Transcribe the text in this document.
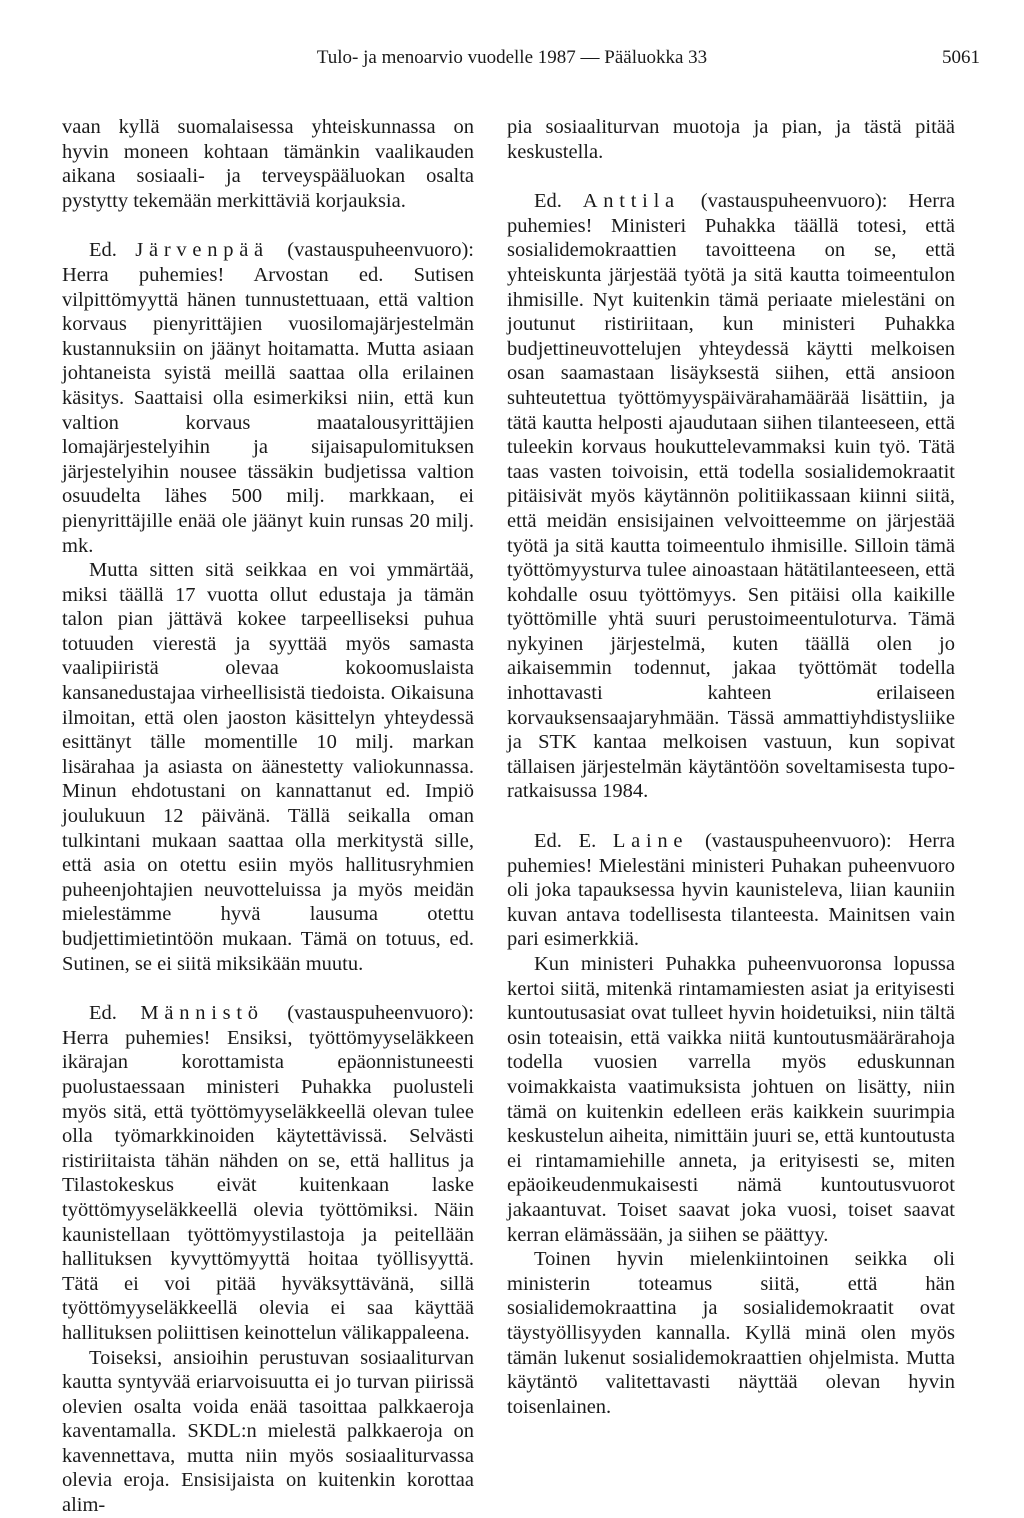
Tulo- ja menoarvio vuodelle 1987 — Pääluokka 33	5061

vaan kyllä suomalaisessa yhteiskunnassa on hyvin moneen kohtaan tämänkin vaalikauden aikana sosiaali- ja terveyspääluokan osalta pystytty tekemään merkittäviä korjauksia.

Ed. Järvenpää (vastauspuheenvuoro): Herra puhemies! Arvostan ed. Sutisen vilpittömyyttä hänen tunnustettuaan, että valtion korvaus pienyrittäjien vuosilomajärjestelmän kustannuksiin on jäänyt hoitamatta. Mutta asiaan johtaneista syistä meillä saattaa olla erilainen käsitys. Saattaisi olla esimerkiksi niin, että kun valtion korvaus maatalousyrittäjien lomajärjestelyihin ja sijaisapulomituksen järjestelyihin nousee tässäkin budjetissa valtion osuudelta lähes 500 milj. markkaan, ei pienyrittäjille enää ole jäänyt kuin runsas 20 milj. mk.

Mutta sitten sitä seikkaa en voi ymmärtää, miksi täällä 17 vuotta ollut edustaja ja tämän talon pian jättävä kokee tarpeelliseksi puhua totuuden vierestä ja syyttää myös samasta vaalipiiristä olevaa kokoomuslaista kansanedustajaa virheellisistä tiedoista. Oikaisuna ilmoitan, että olen jaoston käsittelyn yhteydessä esittänyt tälle momentille 10 milj. markan lisärahaa ja asiasta on äänestetty valiokunnassa. Minun ehdotustani on kannattanut ed. Impiö joulukuun 12 päivänä. Tällä seikalla oman tulkintani mukaan saattaa olla merkitystä sille, että asia on otettu esiin myös hallitusryhmien puheenjohtajien neuvotteluissa ja myös meidän mielestämme hyvä lausuma otettu budjettimietintöön mukaan. Tämä on totuus, ed. Sutinen, se ei siitä miksikään muutu.

Ed. Männistö (vastauspuheenvuoro): Herra puhemies! Ensiksi, työttömyyseläkkeen ikärajan korottamista epäonnistuneesti puolustaessaan ministeri Puhakka puolusteli myös sitä, että työttömyyseläkkeellä olevan tulee olla työmarkkinoiden käytettävissä. Selvästi ristiriitaista tähän nähden on se, että hallitus ja Tilastokeskus eivät kuitenkaan laske työttömyyseläkkeellä olevia työttömiksi. Näin kaunistellaan työttömyystilastoja ja peitellään hallituksen kyvyttömyyttä hoitaa työllisyyttä. Tätä ei voi pitää hyväksyttävänä, sillä työttömyyseläkkeellä olevia ei saa käyttää hallituksen poliittisen keinottelun välikappaleena.

Toiseksi, ansioihin perustuvan sosiaaliturvan kautta syntyvää eriarvoisuutta ei jo turvan piirissä olevien osalta voida enää tasoittaa palkkaeroja kaventamalla. SKDL:n mielestä palkkaeroja on kavennettava, mutta niin myös sosiaaliturvassa olevia eroja. Ensisijaista on kuitenkin korottaa alim-

pia sosiaaliturvan muotoja ja pian, ja tästä pitää keskustella.

Ed. Anttila (vastauspuheenvuoro): Herra puhemies! Ministeri Puhakka täällä totesi, että sosialidemokraattien tavoitteena on se, että yhteiskunta järjestää työtä ja sitä kautta toimeentulon ihmisille. Nyt kuitenkin tämä periaate mielestäni on joutunut ristiriitaan, kun ministeri Puhakka budjettineuvottelujen yhteydessä käytti melkoisen osan saamastaan lisäyksestä siihen, että ansioon suhteutettua työttömyyspäivärahamäärää lisättiin, ja tätä kautta helposti ajaudutaan siihen tilanteeseen, että tuleekin korvaus houkuttelevammaksi kuin työ. Tätä taas vasten toivoisin, että todella sosialidemokraatit pitäisivät myös käytännön politiikassaan kiinni siitä, että meidän ensisijainen velvoitteemme on järjestää työtä ja sitä kautta toimeentulo ihmisille. Silloin tämä työttömyysturva tulee ainoastaan hätätilanteeseen, että kohdalle osuu työttömyys. Sen pitäisi olla kaikille työttömille yhtä suuri perustoimeentuloturva. Tämä nykyinen järjestelmä, kuten täällä olen jo aikaisemmin todennut, jakaa työttömät todella inhottavasti kahteen erilaiseen korvauksensaajaryhmään. Tässä ammattiyhdistysliike ja STK kantaa melkoisen vastuun, kun sopivat tällaisen järjestelmän käytäntöön soveltamisesta tupo-ratkaisussa 1984.

Ed. E. Laine (vastauspuheenvuoro): Herra puhemies! Mielestäni ministeri Puhakan puheenvuoro oli joka tapauksessa hyvin kaunisteleva, liian kauniin kuvan antava todellisesta tilanteesta. Mainitsen vain pari esimerkkiä.

Kun ministeri Puhakka puheenvuoronsa lopussa kertoi siitä, mitenkä rintamamiesten asiat ja erityisesti kuntoutusasiat ovat tulleet hyvin hoidetuiksi, niin tältä osin toteaisin, että vaikka niitä kuntoutusmäärärahoja todella vuosien varrella myös eduskunnan voimakkaista vaatimuksista johtuen on lisätty, niin tämä on kuitenkin edelleen eräs kaikkein suurimpia keskustelun aiheita, nimittäin juuri se, että kuntoutusta ei rintamamiehille anneta, ja erityisesti se, miten epäoikeudenmukaisesti nämä kuntoutusvuorot jakaantuvat. Toiset saavat joka vuosi, toiset saavat kerran elämässään, ja siihen se päättyy.

Toinen hyvin mielenkiintoinen seikka oli ministerin toteamus siitä, että hän sosialidemokraattina ja sosialidemokraatit ovat täystyöllisyyden kannalla. Kyllä minä olen myös tämän lukenut sosialidemokraattien ohjelmista. Mutta käytäntö valitettavasti näyttää olevan hyvin toisenlainen.
